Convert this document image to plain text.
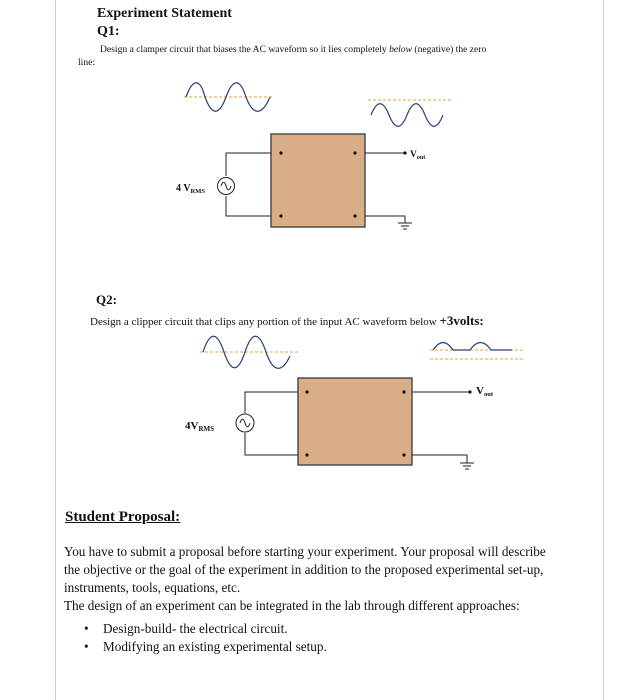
Experiment Statement
Q1:
Design a clamper circuit that biases the AC waveform so it lies completely below (negative) the zero
line:
4 $V_{RMS}$
$V_{out}$
4VRMS
Vout
Q2:
Design a clipper circuit that clips any portion of the input AC waveform below +3volts:
Student Proposal:

You have to submit a proposal before starting your experiment. Your proposal will describe the objective or the goal of the experiment in addition to the proposed experimental set-up, instruments, tools, equations, etc.

The design of an experiment can be integrated in the lab through different approaches:

• Design-build- the electrical circuit.
• Modifying an existing experimental setup.
